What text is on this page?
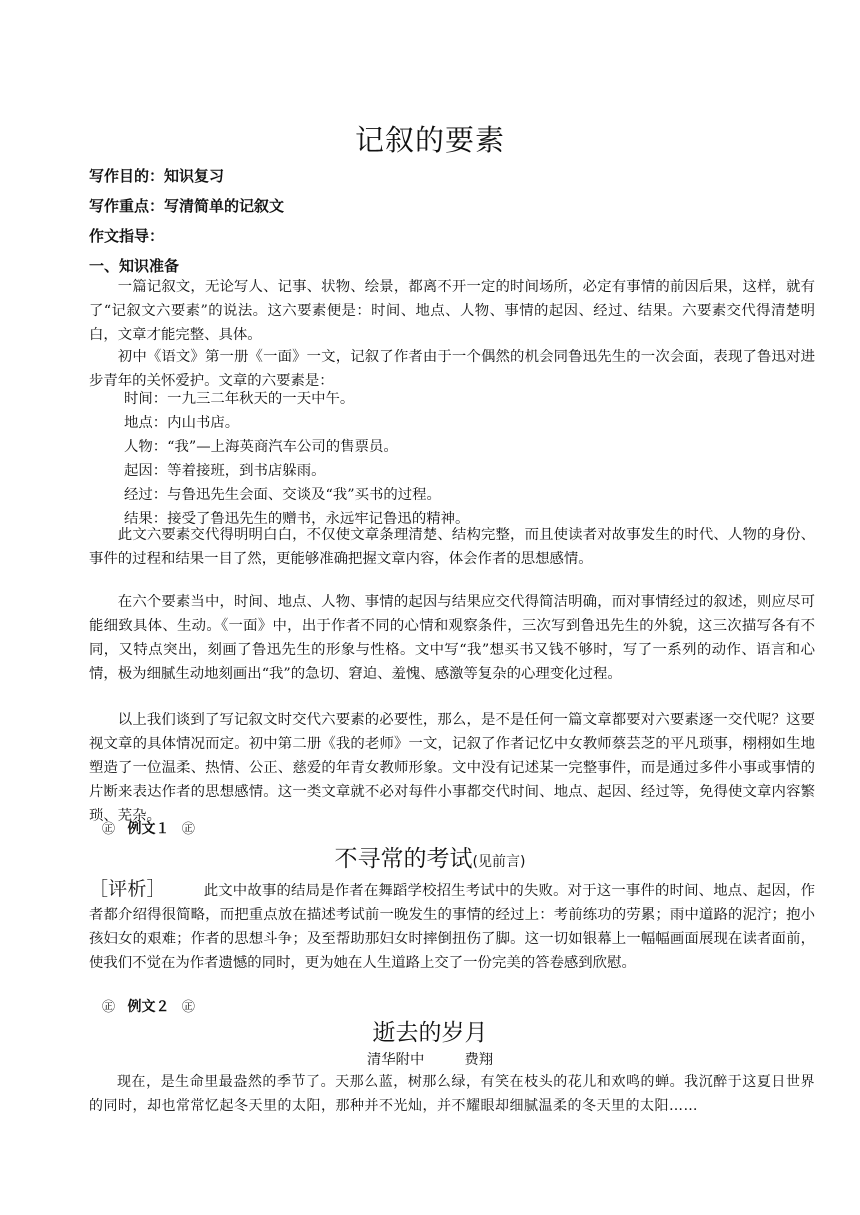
记叙的要素
写作目的：知识复习
写作重点：写清简单的记叙文
作文指导：
一、知识准备

一篇记叙文，无论写人、记事、状物、绘景，都离不开一定的时间场所，必定有事情的前因后果，这样，就有了“记叙文六要素”的说法。这六要素便是：时间、地点、人物、事情的起因、经过、结果。六要素交代得清楚明白，文章才能完整、具体。

初中《语文》第一册《一面》一文，记叙了作者由于一个偶然的机会同鲁迅先生的一次会面，表现了鲁迅对进步青年的关怀爱护。文章的六要素是：

时间：一九三二年秋天的一天中午。
地点：内山书店。
人物：“我”—上海英商汽车公司的售票员。
起因：等着接班，到书店躲雨。
经过：与鲁迅先生会面、交谈及“我”买书的过程。
结果：接受了鲁迅先生的赠书，永远牢记鲁迅的精神。

此文六要素交代得明明白白，不仅使文章条理清楚、结构完整，而且使读者对故事发生的时代、人物的身份、事件的过程和结果一目了然，更能够准确把握文章内容，体会作者的思想感情。

在六个要素当中，时间、地点、人物、事情的起因与结果应交代得简洁明确，而对事情经过的叙述，则应尽可能细致具体、生动。《一面》中，出于作者不同的心情和观察条件，三次写到鲁迅先生的外貌，这三次描写各有不同，又特点突出，刻画了鲁迅先生的形象与性格。文中写“我”想买书又钱不够时，写了一系列的动作、语言和心情，极为细腻生动地刻画出“我”的急切、窘迫、羞愧、感激等复杂的心理变化过程。

以上我们谈到了写记叙文时交代六要素的必要性，那么，是不是任何一篇文章都要对六要素逐一交代呢？这要视文章的具体情况而定。初中第二册《我的老师》一文，记叙了作者记忆中女教师蔡芸芝的平凡琐事，栩栩如生地塑造了一位温柔、热情、公正、慈爱的年青女教师形象。文中没有记述某一完整事件，而是通过多件小事或事情的片断来表达作者的思想感情。这一类文章就不必对每件小事都交代时间、地点、起因、经过等，免得使文章内容繁琐、芜杂。

㊣ 例文１ ㊣
不寻常的考试(见前言)

［评析］	此文中故事的结局是作者在舞蹈学校招生考试中的失败。对于这一事件的时间、地点、起因，作者都介绍得很简略，而把重点放在描述考试前一晚发生的事情的经过上：考前练功的劳累；雨中道路的泥泞；抱小孩妇女的艰难；作者的思想斗争；及至帮助那妇女时摔倒扭伤了脚。这一切如银幕上一幅幅画面展现在读者面前，使我们不觉在为作者遗憾的同时，更为她在人生道路上交了一份完美的答卷感到欣慰。

㊣ 例文２ ㊣
逝去的岁月
清华附中	费翔

现在，是生命里最盎然的季节了。天那么蓝，树那么绿，有笑在枝头的花儿和欢鸣的蝉。我沉醉于这夏日世界的同时，却也常常忆起冬天里的太阳，那种并不光灿，并不耀眼却细腻温柔的冬天里的太阳……
